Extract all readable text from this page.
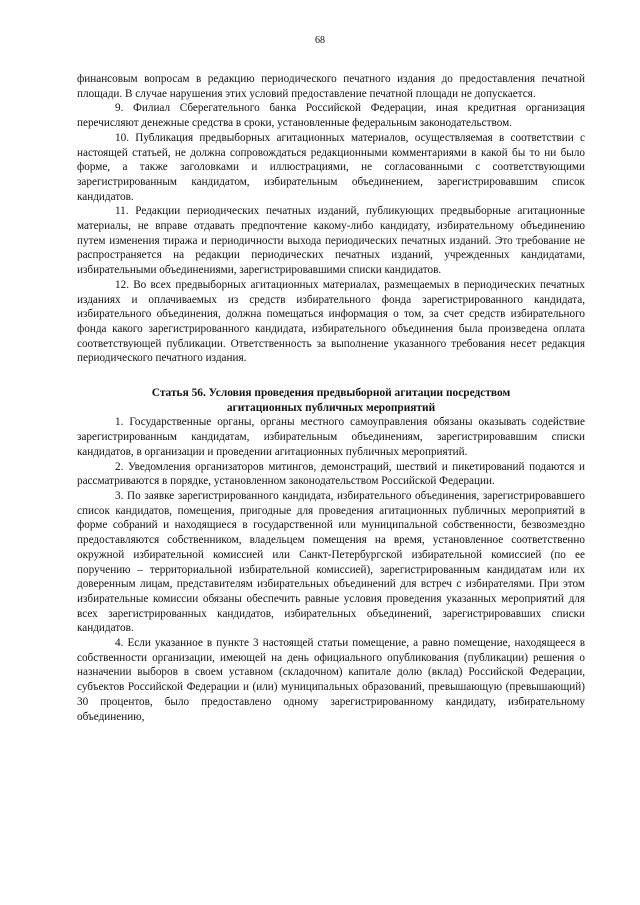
68

финансовым вопросам в редакцию периодического печатного издания до предоставления печатной площади. В случае нарушения этих условий предоставление печатной площади не допускается.

9. Филиал Сберегательного банка Российской Федерации, иная кредитная организация перечисляют денежные средства в сроки, установленные федеральным законодательством.

10. Публикация предвыборных агитационных материалов, осуществляемая в соответствии с настоящей статьей, не должна сопровождаться редакционными комментариями в какой бы то ни было форме, а также заголовками и иллюстрациями, не согласованными с соответствующими зарегистрированным кандидатом, избирательным объединением, зарегистрировавшим список кандидатов.

11. Редакции периодических печатных изданий, публикующих предвыборные агитационные материалы, не вправе отдавать предпочтение какому-либо кандидату, избирательному объединению путем изменения тиража и периодичности выхода периодических печатных изданий. Это требование не распространяется на редакции периодических печатных изданий, учрежденных кандидатами, избирательными объединениями, зарегистрировавшими списки кандидатов.

12. Во всех предвыборных агитационных материалах, размещаемых в периодических печатных изданиях и оплачиваемых из средств избирательного фонда зарегистрированного кандидата, избирательного объединения, должна помещаться информация о том, за счет средств избирательного фонда какого зарегистрированного кандидата, избирательного объединения была произведена оплата соответствующей публикации. Ответственность за выполнение указанного требования несет редакция периодического печатного издания.

Статья 56. Условия проведения предвыборной агитации посредством
агитационных публичных мероприятий

1. Государственные органы, органы местного самоуправления обязаны оказывать содействие зарегистрированным кандидатам, избирательным объединениям, зарегистрировавшим списки кандидатов, в организации и проведении агитационных публичных мероприятий.

2. Уведомления организаторов митингов, демонстраций, шествий и пикетирований подаются и рассматриваются в порядке, установленном законодательством Российской Федерации.

3. По заявке зарегистрированного кандидата, избирательного объединения, зарегистрировавшего список кандидатов, помещения, пригодные для проведения агитационных публичных мероприятий в форме собраний и находящиеся в государственной или муниципальной собственности, безвозмездно предоставляются собственником, владельцем помещения на время, установленное соответственно окружной избирательной комиссией или Санкт-Петербургской избирательной комиссией (по ее поручению – территориальной избирательной комиссией), зарегистрированным кандидатам или их доверенным лицам, представителям избирательных объединений для встреч с избирателями. При этом избирательные комиссии обязаны обеспечить равные условия проведения указанных мероприятий для всех зарегистрированных кандидатов, избирательных объединений, зарегистрировавших списки кандидатов.

4. Если указанное в пункте 3 настоящей статьи помещение, а равно помещение, находящееся в собственности организации, имеющей на день официального опубликования (публикации) решения о назначении выборов в своем уставном (складочном) капитале долю (вклад) Российской Федерации, субъектов Российской Федерации и (или) муниципальных образований, превышающую (превышающий) 30 процентов, было предоставлено одному зарегистрированному кандидату, избирательному объединению,
